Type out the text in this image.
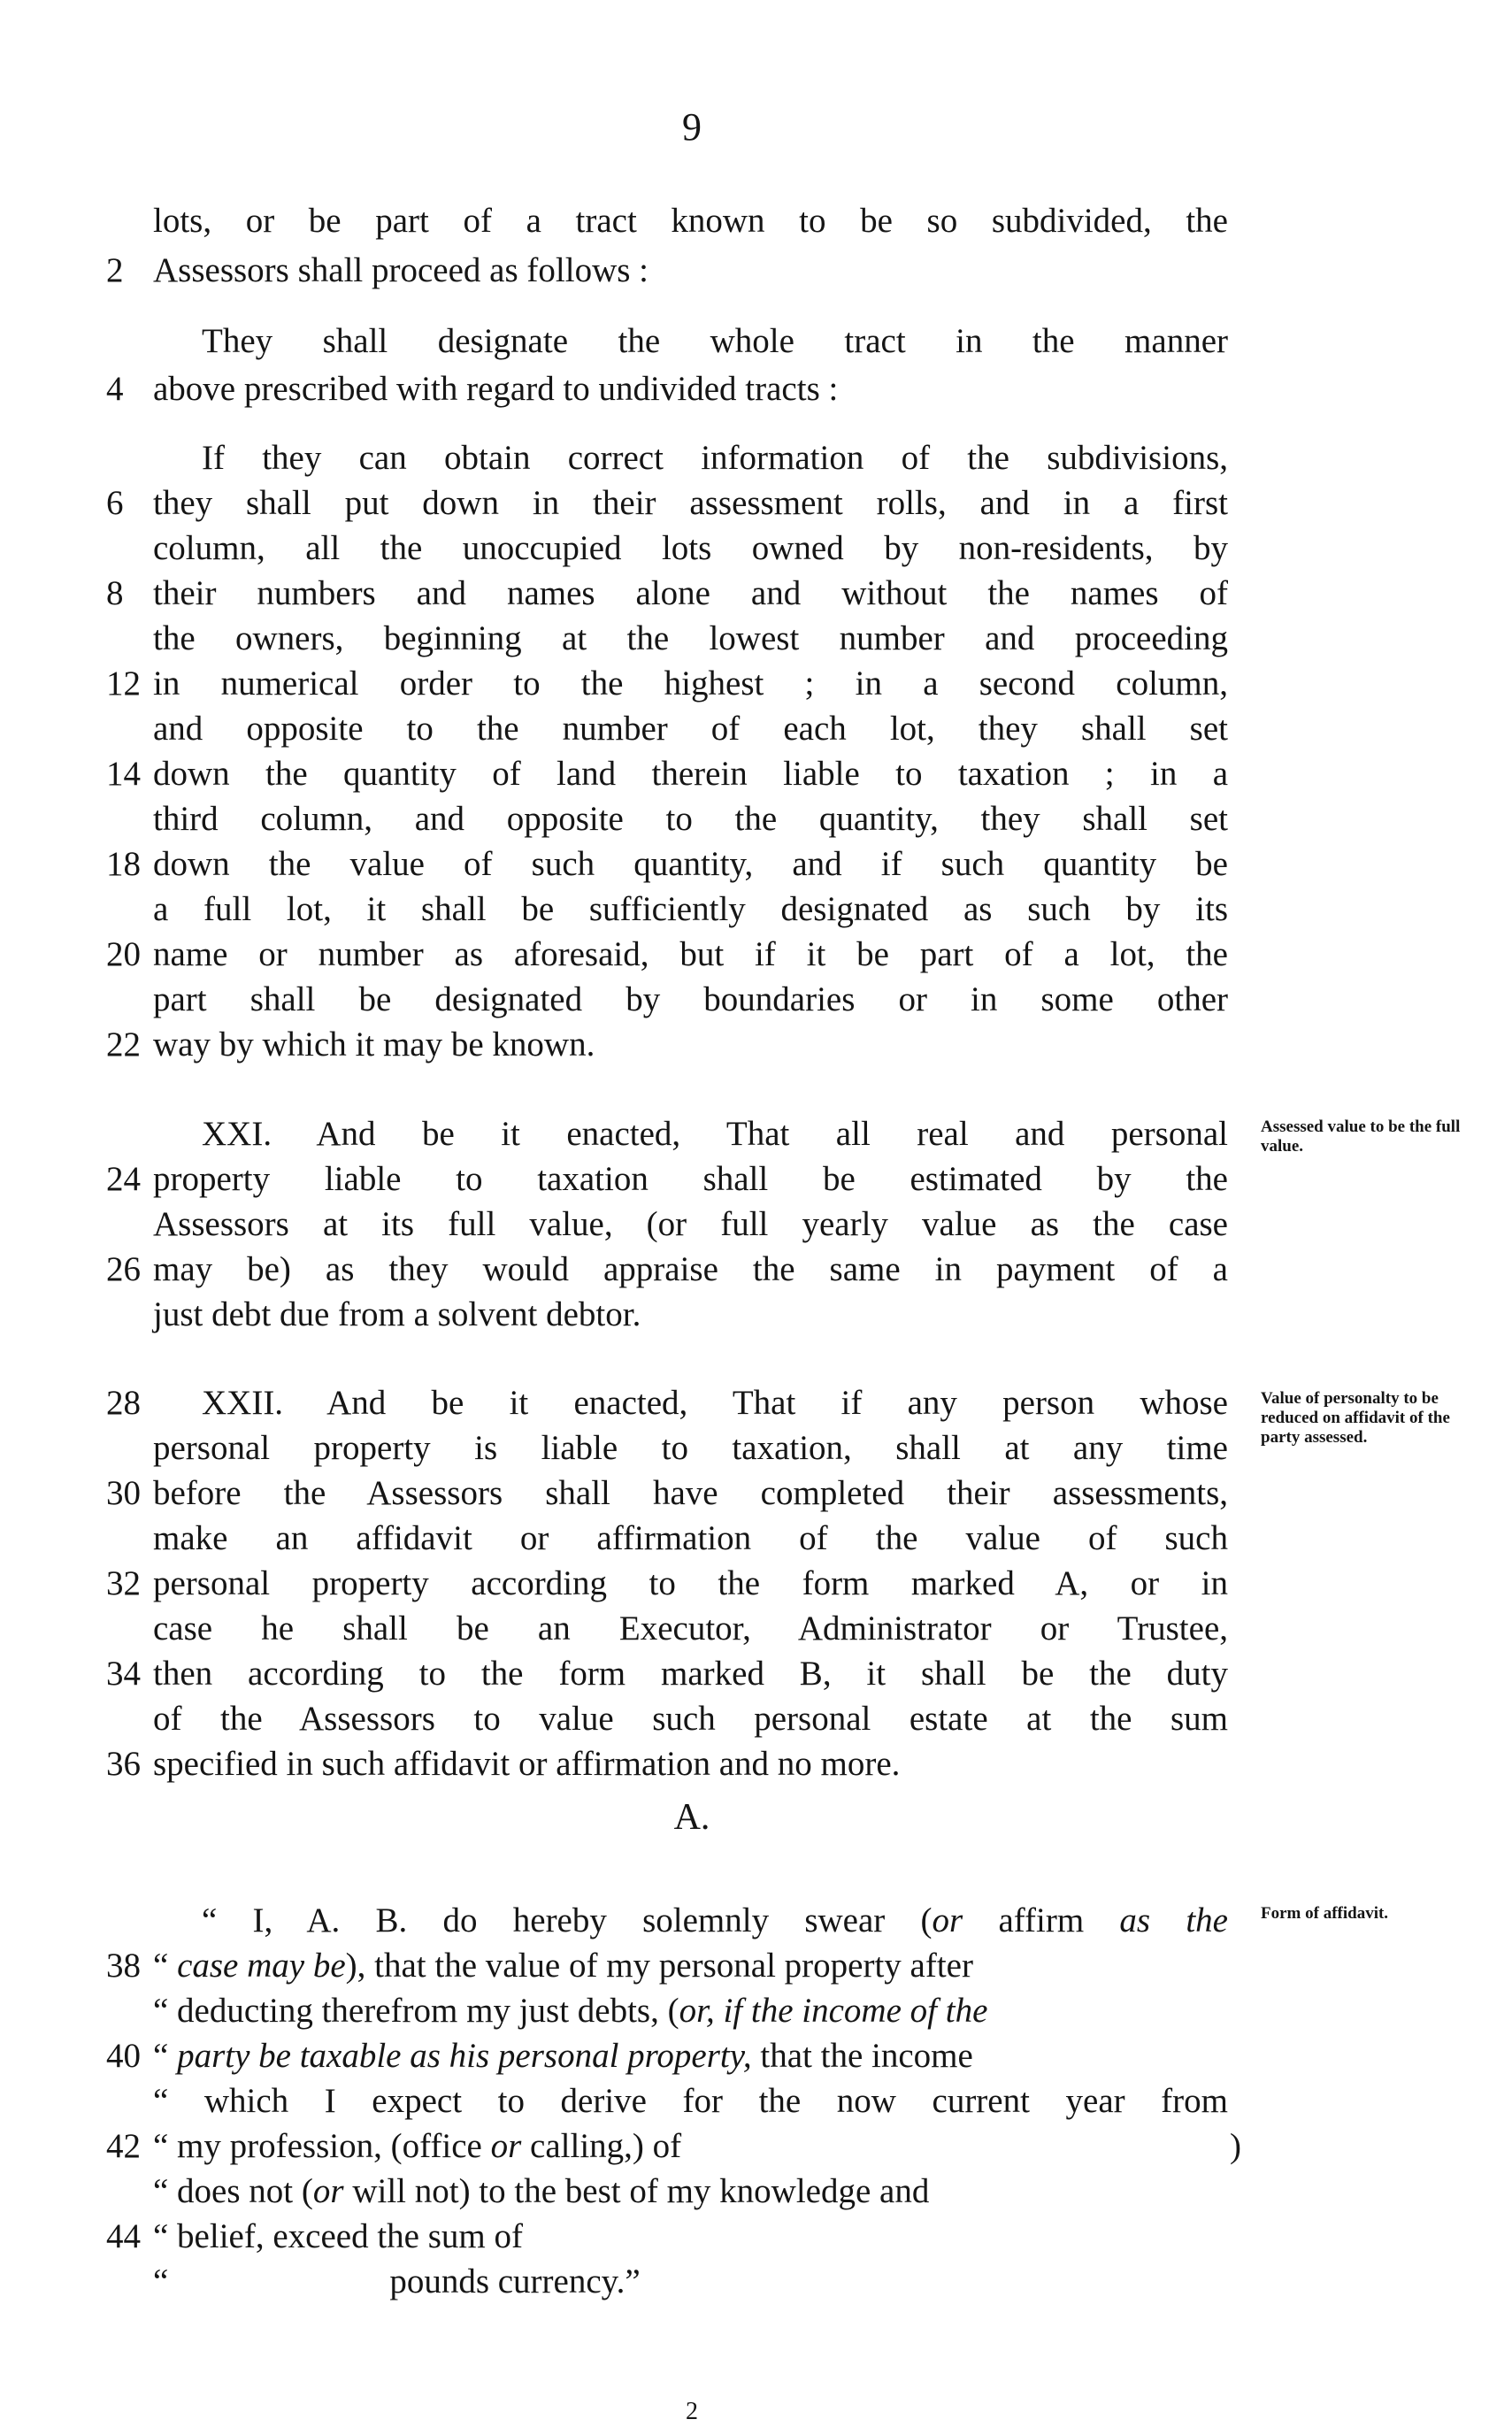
9
lots, or be part of a tract known to be so subdivided, the
2 Assessors shall proceed as follows :
They shall designate the whole tract in the manner
4 above prescribed with regard to undivided tracts :
If they can obtain correct information of the subdivisions,
6 they shall put down in their assessment rolls, and in a first
column, all the unoccupied lots owned by non-residents, by
8 their numbers and names alone and without the names of
the owners, beginning at the lowest number and proceeding
12 in numerical order to the highest ; in a second column,
and opposite to the number of each lot, they shall set
14 down the quantity of land therein liable to taxation ; in a
third column, and opposite to the quantity, they shall set
18 down the value of such quantity, and if such quantity be
a full lot, it shall be sufficiently designated as such by its
20 name or number as aforesaid, but if it be part of a lot, the
part shall be designated by boundaries or in some other
22 way by which it may be known.
XXI. And be it enacted, That all real and personal
24 property liable to taxation shall be estimated by the
Assessors at its full value, (or full yearly value as the case
26 may be) as they would appraise the same in payment of a
just debt due from a solvent debtor.
28 XXII. And be it enacted, That if any person whose
personal property is liable to taxation, shall at any time
30 before the Assessors shall have completed their assessments,
make an affidavit or affirmation of the value of such
32 personal property according to the form marked A, or in
case he shall be an Executor, Administrator or Trustee,
34 then according to the form marked B, it shall be the duty
of the Assessors to value such personal estate at the sum
36 specified in such affidavit or affirmation and no more.
A.
“ I, A. B. do hereby solemnly swear (or affirm as the
38 “ case may be), that the value of my personal property after
“ deducting therefrom my just debts, (or, if the income of the
40 “ party be taxable as his personal property, that the income
“ which I expect to derive for the now current year from
42 “ my profession, (office or calling,) of	)
“ does not (or will not) to the best of my knowledge and
44 “ belief, exceed the sum of
“	pounds currency.”
Assessed value to be the full value.
Value of personalty to be reduced on affidavit of the party assessed.
Form of affidavit.
2
